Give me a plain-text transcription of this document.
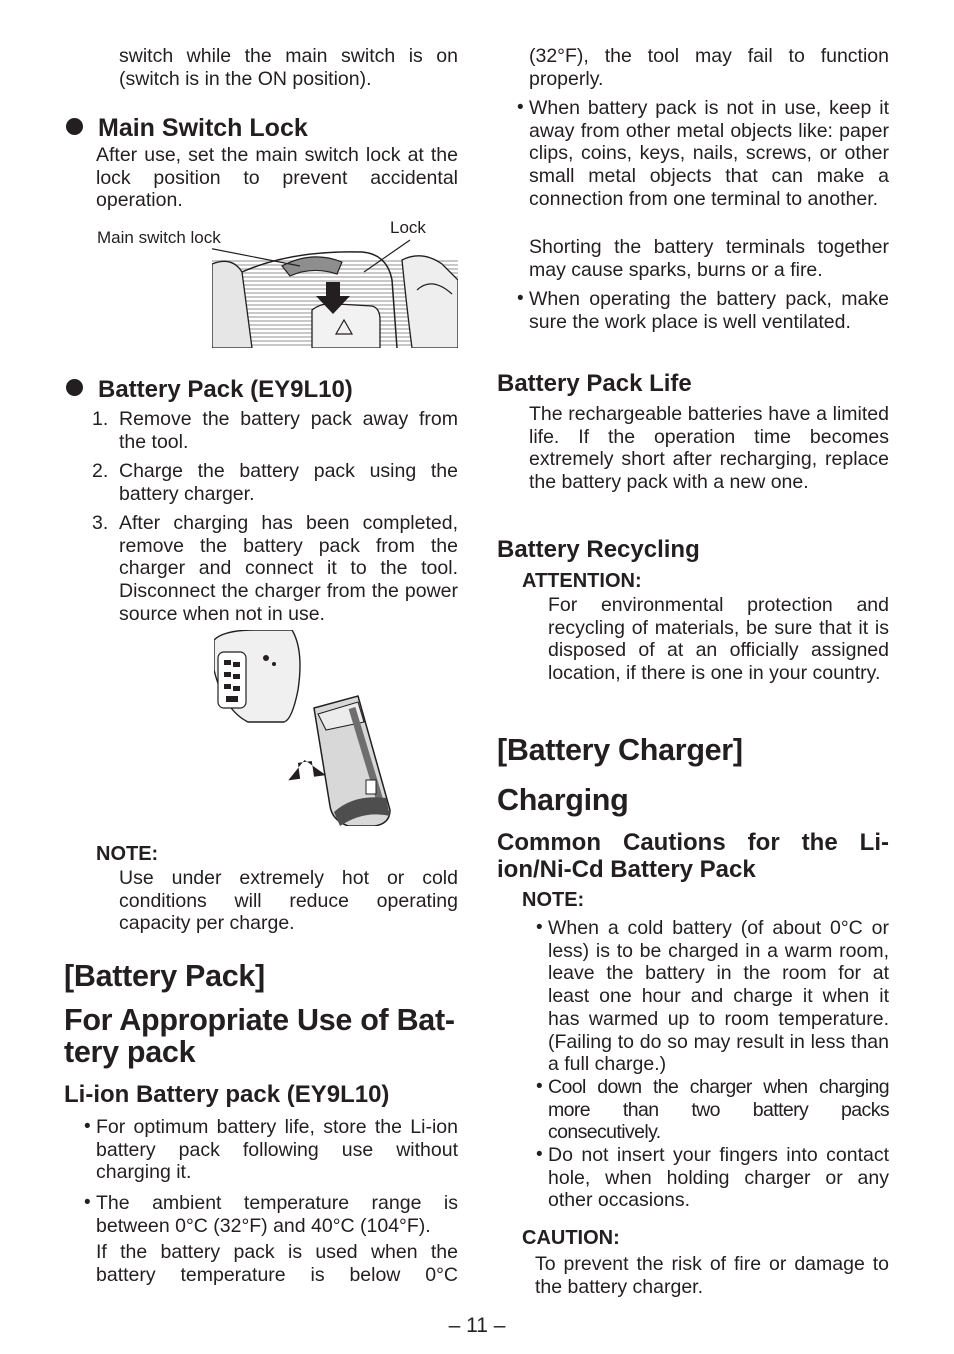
switch while the main switch is on (switch is in the ON position).
Main Switch Lock
After use, set the main switch lock at the lock position to prevent accidental operation.
Main switch lock
Lock
Battery Pack (EY9L10)
1. Remove the battery pack away from the tool.
2. Charge the battery pack using the battery charger.
3. After charging has been completed, remove the battery pack from the charger and connect it to the tool. Disconnect the charger from the power source when not in use.
NOTE:
Use under extremely hot or cold conditions will reduce operating capacity per charge.
[Battery Pack]
For Appropriate Use of Bat-
tery pack
Li-ion Battery pack (EY9L10)
• For optimum battery life, store the Li-ion battery pack following use without charging it.
• The ambient temperature range is between 0°C (32°F) and 40°C (104°F).
If the battery pack is used when the battery temperature is below 0°C
(32°F), the tool may fail to function properly.
• When battery pack is not in use, keep it away from other metal objects like: paper clips, coins, keys, nails, screws, or other small metal objects that can make a connection from one terminal to another.
Shorting the battery terminals together may cause sparks, burns or a fire.
• When operating the battery pack, make sure the work place is well ventilated.
Battery Pack Life
The rechargeable batteries have a limited life. If the operation time becomes extremely short after recharging, replace the battery pack with a new one.
Battery Recycling
ATTENTION:
For environmental protection and recycling of materials, be sure that it is disposed of at an officially assigned location, if there is one in your country.
[Battery Charger]
Charging
Common Cautions for the Li-ion/Ni-Cd Battery Pack
NOTE:
• When a cold battery (of about 0°C or less) is to be charged in a warm room, leave the battery in the room for at least one hour and charge it when it has warmed up to room temperature. (Failing to do so may result in less than a full charge.)
• Cool down the charger when charging more than two battery packs consecutively.
• Do not insert your fingers into contact hole, when holding charger or any other occasions.
CAUTION:
To prevent the risk of fire or damage to the battery charger.
– 11 –
